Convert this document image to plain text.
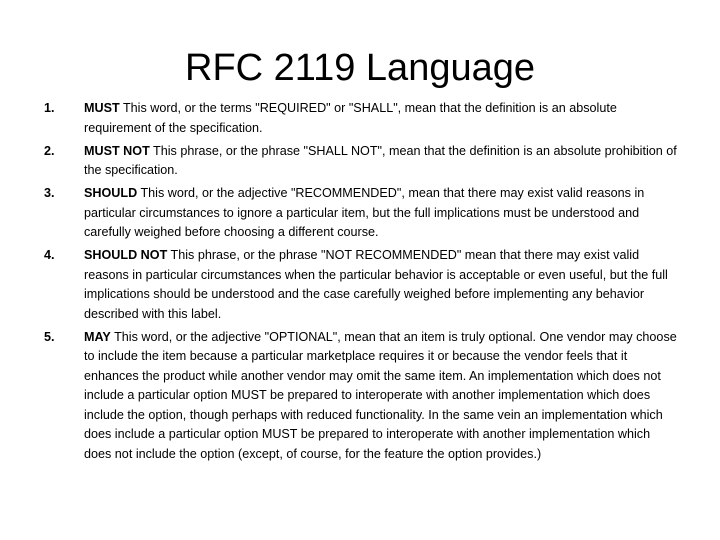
RFC 2119 Language
1. MUST This word, or the terms "REQUIRED" or "SHALL", mean that the definition is an absolute requirement of the specification.
2. MUST NOT This phrase, or the phrase "SHALL NOT", mean that the definition is an absolute prohibition of the specification.
3. SHOULD This word, or the adjective "RECOMMENDED", mean that there may exist valid reasons in particular circumstances to ignore a particular item, but the full implications must be understood and carefully weighed before choosing a different course.
4. SHOULD NOT This phrase, or the phrase "NOT RECOMMENDED" mean that there may exist valid reasons in particular circumstances when the particular behavior is acceptable or even useful, but the full implications should be understood and the case carefully weighed before implementing any behavior described with this label.
5. MAY This word, or the adjective "OPTIONAL", mean that an item is truly optional. One vendor may choose to include the item because a particular marketplace requires it or because the vendor feels that it enhances the product while another vendor may omit the same item. An implementation which does not include a particular option MUST be prepared to interoperate with another implementation which does include the option, though perhaps with reduced functionality. In the same vein an implementation which does include a particular option MUST be prepared to interoperate with another implementation which does not include the option (except, of course, for the feature the option provides.)
